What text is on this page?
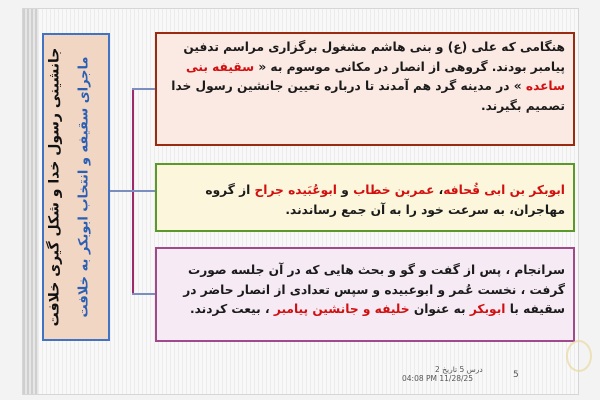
جانشینی رسول خدا و شکل گیری خلافت ماجرای سقیفه و انتخاب ابوبکر به خلافت
هنگامی که علی (ع) و بنی هاشم مشغول برگزاری مراسم تدفین پیامبر بودند. گروهی از انصار در مکانی موسوم به « سقیفه بنی ساعده » در مدینه گرد هم آمدند تا درباره تعیین جانشین رسول خدا تصمیم بگیرند.
ابوبکر بن ابی قُحافه، عمربن خطاب و ابوعُبَیده جراح از گروه مهاجران، به سرعت خود را به آن جمع رساندند.
سرانجام ، پس از گفت و گو و بحث هایی که در آن جلسه صورت گرفت ، نخست عُمر و ابوعبیده و سپس تعدادی از انصار حاضر در سقیفه با ابوبکر به عنوان خلیفه و جانشین پیامبر ، بیعت کردند.
درس 5 تاریخ 2
04:08 PM 11/28/25	5
